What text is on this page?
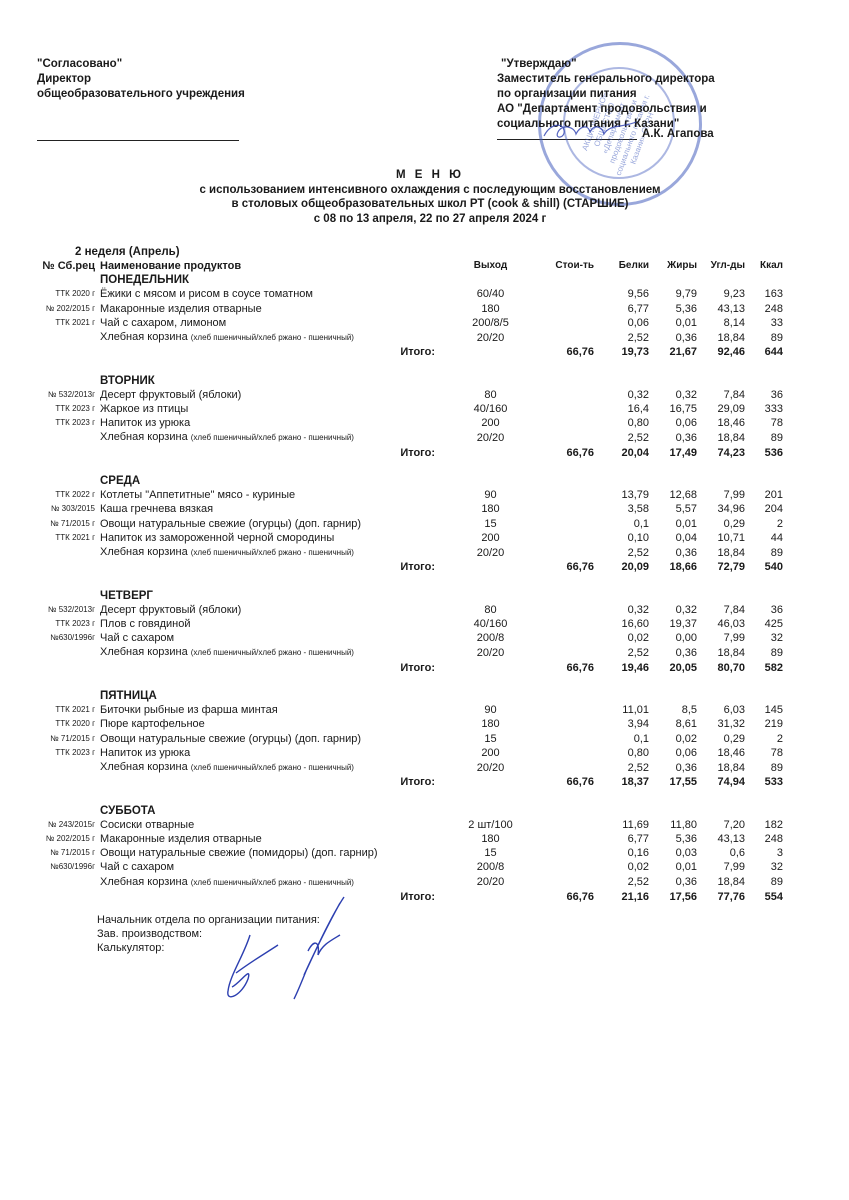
"Согласовано"
Директор
общеобразовательного учреждения	АКЦИОНЕРНОЕ ОБЩЕСТВО «Департамент продовольствия и социального питания г. Казани» ОГРН
"Утверждаю"
Заместитель генерального директора
по организации питания
АО "Департамент продовольствия и
социального питания г. Казани"
А.К. Агапова
М Е Н Ю
с использованием интенсивного охлаждения с последующим восстановлением
в столовых общеобразовательных школ РТ (cook & shill) (СТАРШИЕ)
с 08 по 13 апреля, 22 по 27 апреля 2024 г
2 неделя (Апрель)
№ Сб.рец	Наименование продуктов	Выход	Стои-ть	Белки	Жиры	Угл-ды	Ккал
	ПОНЕДЕЛЬНИК						
ТТК 2020 г	Ёжики с мясом и рисом в соусе томатном	60/40		9,56	9,79	9,23	163
№ 202/2015 г	Макаронные изделия отварные	180		6,77	5,36	43,13	248
ТТК 2021 г	Чай с сахаром, лимоном	200/8/5		0,06	0,01	8,14	33
	Хлебная корзина (хлеб пшеничный/хлеб ржано - пшеничный)	20/20		2,52	0,36	18,84	89
	Итого:		66,76	19,73	21,67	92,46	644

	ВТОРНИК						
№ 532/2013г	Десерт фруктовый (яблоки)	80		0,32	0,32	7,84	36
ТТК 2023 г	Жаркое из птицы	40/160		16,4	16,75	29,09	333
ТТК 2023 г	Напиток из урюка	200		0,80	0,06	18,46	78
	Хлебная корзина (хлеб пшеничный/хлеб ржано - пшеничный)	20/20		2,52	0,36	18,84	89
	Итого:		66,76	20,04	17,49	74,23	536

	СРЕДА						
ТТК 2022 г	Котлеты "Аппетитные" мясо - куриные	90		13,79	12,68	7,99	201
№ 303/2015	Каша гречнева вязкая	180		3,58	5,57	34,96	204
№ 71/2015 г	Овощи натуральные свежие (огурцы) (доп. гарнир)	15		0,1	0,01	0,29	2
ТТК 2021 г	Напиток из замороженной черной смородины	200		0,10	0,04	10,71	44
	Хлебная корзина (хлеб пшеничный/хлеб ржано - пшеничный)	20/20		2,52	0,36	18,84	89
	Итого:		66,76	20,09	18,66	72,79	540

	ЧЕТВЕРГ						
№ 532/2013г	Десерт фруктовый (яблоки)	80		0,32	0,32	7,84	36
ТТК 2023 г	Плов с говядиной	40/160		16,60	19,37	46,03	425
№630/1996г	Чай с сахаром	200/8		0,02	0,00	7,99	32
	Хлебная корзина (хлеб пшеничный/хлеб ржано - пшеничный)	20/20		2,52	0,36	18,84	89
	Итого:		66,76	19,46	20,05	80,70	582

	ПЯТНИЦА						
ТТК 2021 г	Биточки рыбные из фарша минтая	90		11,01	8,5	6,03	145
ТТК 2020 г	Пюре картофельное	180		3,94	8,61	31,32	219
№ 71/2015 г	Овощи натуральные свежие (огурцы) (доп. гарнир)	15		0,1	0,02	0,29	2
ТТК 2023 г	Напиток из урюка	200		0,80	0,06	18,46	78
	Хлебная корзина (хлеб пшеничный/хлеб ржано - пшеничный)	20/20		2,52	0,36	18,84	89
	Итого:		66,76	18,37	17,55	74,94	533

	СУББОТА						
№ 243/2015г	Сосиски отварные	2 шт/100		11,69	11,80	7,20	182
№ 202/2015 г	Макаронные изделия отварные	180		6,77	5,36	43,13	248
№ 71/2015 г	Овощи натуральные свежие (помидоры) (доп. гарнир)	15		0,16	0,03	0,6	3
№630/1996г	Чай с сахаром	200/8		0,02	0,01	7,99	32
	Хлебная корзина (хлеб пшеничный/хлеб ржано - пшеничный)	20/20		2,52	0,36	18,84	89
	Итого:		66,76	21,16	17,56	77,76	554
Начальник отдела по организации питания:
Зав. производством:
Калькулятор:
